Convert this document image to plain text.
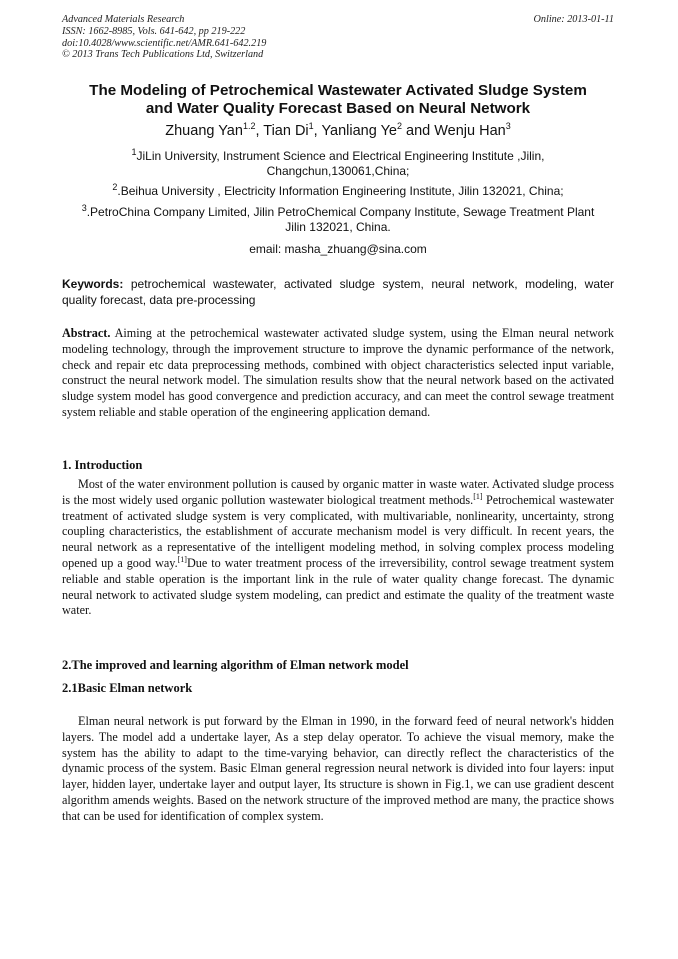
Advanced Materials Research
ISSN: 1662-8985, Vols. 641-642, pp 219-222
doi:10.4028/www.scientific.net/AMR.641-642.219
© 2013 Trans Tech Publications Ltd, Switzerland
Online: 2013-01-11
The Modeling of Petrochemical Wastewater Activated Sludge System
and Water Quality Forecast Based on Neural Network
Zhuang Yan$^{1.2}$, Tian Di$^1$, Yanliang Ye$^2$ and Wenju Han$^3$
$^1$JiLin University, Instrument Science and Electrical Engineering Institute ,Jilin,
Changchun,130061,China;
$^2$.Beihua University , Electricity Information Engineering Institute, Jilin 132021, China;
$^3$.PetroChina Company Limited, Jilin PetroChemical Company Institute, Sewage Treatment Plant
Jilin 132021, China.
email: masha_zhuang@sina.com
Keywords: petrochemical wastewater, activated sludge system, neural network, modeling, water quality forecast, data pre-processing

Abstract. Aiming at the petrochemical wastewater activated sludge system, using the Elman neural network modeling technology, through the improvement structure to improve the dynamic performance of the network, check and repair etc data preprocessing methods, combined with object characteristics selected input variable, construct the neural network model. The simulation results show that the neural network based on the activated sludge system model has good convergence and prediction accuracy, and can meet the control sewage treatment system reliable and stable operation of the engineering application demand.

1. Introduction

Most of the water environment pollution is caused by organic matter in waste water. Activated sludge process is the most widely used organic pollution wastewater biological treatment methods.[1] Petrochemical wastewater treatment of activated sludge system is very complicated, with multivariable, nonlinearity, uncertainty, strong coupling characteristics, the establishment of accurate mechanism model is very difficult. In recent years, the neural network as a representative of the intelligent modeling method, in solving complex process modeling opened up a good way.[1]Due to water treatment process of the irreversibility, control sewage treatment system reliable and stable operation is the important link in the rule of water quality change forecast. The dynamic neural network to activated sludge system modeling, can predict and estimate the quality of the treatment waste water.

2.The improved and learning algorithm of Elman network model
2.1Basic Elman network

Elman neural network is put forward by the Elman in 1990, in the forward feed of neural network's hidden layers. The model add a undertake layer, As a step delay operator. To achieve the visual memory, make the system has the ability to adapt to the time-varying behavior, can directly reflect the characteristics of the dynamic process of the system. Basic Elman general regression neural network is divided into four layers: input layer, hidden layer, undertake layer and output layer, Its structure is shown in Fig.1, we can use gradient descent algorithm amends weights. Based on the network structure of the improved method are many, the practice shows that can be used for identification of complex system.
